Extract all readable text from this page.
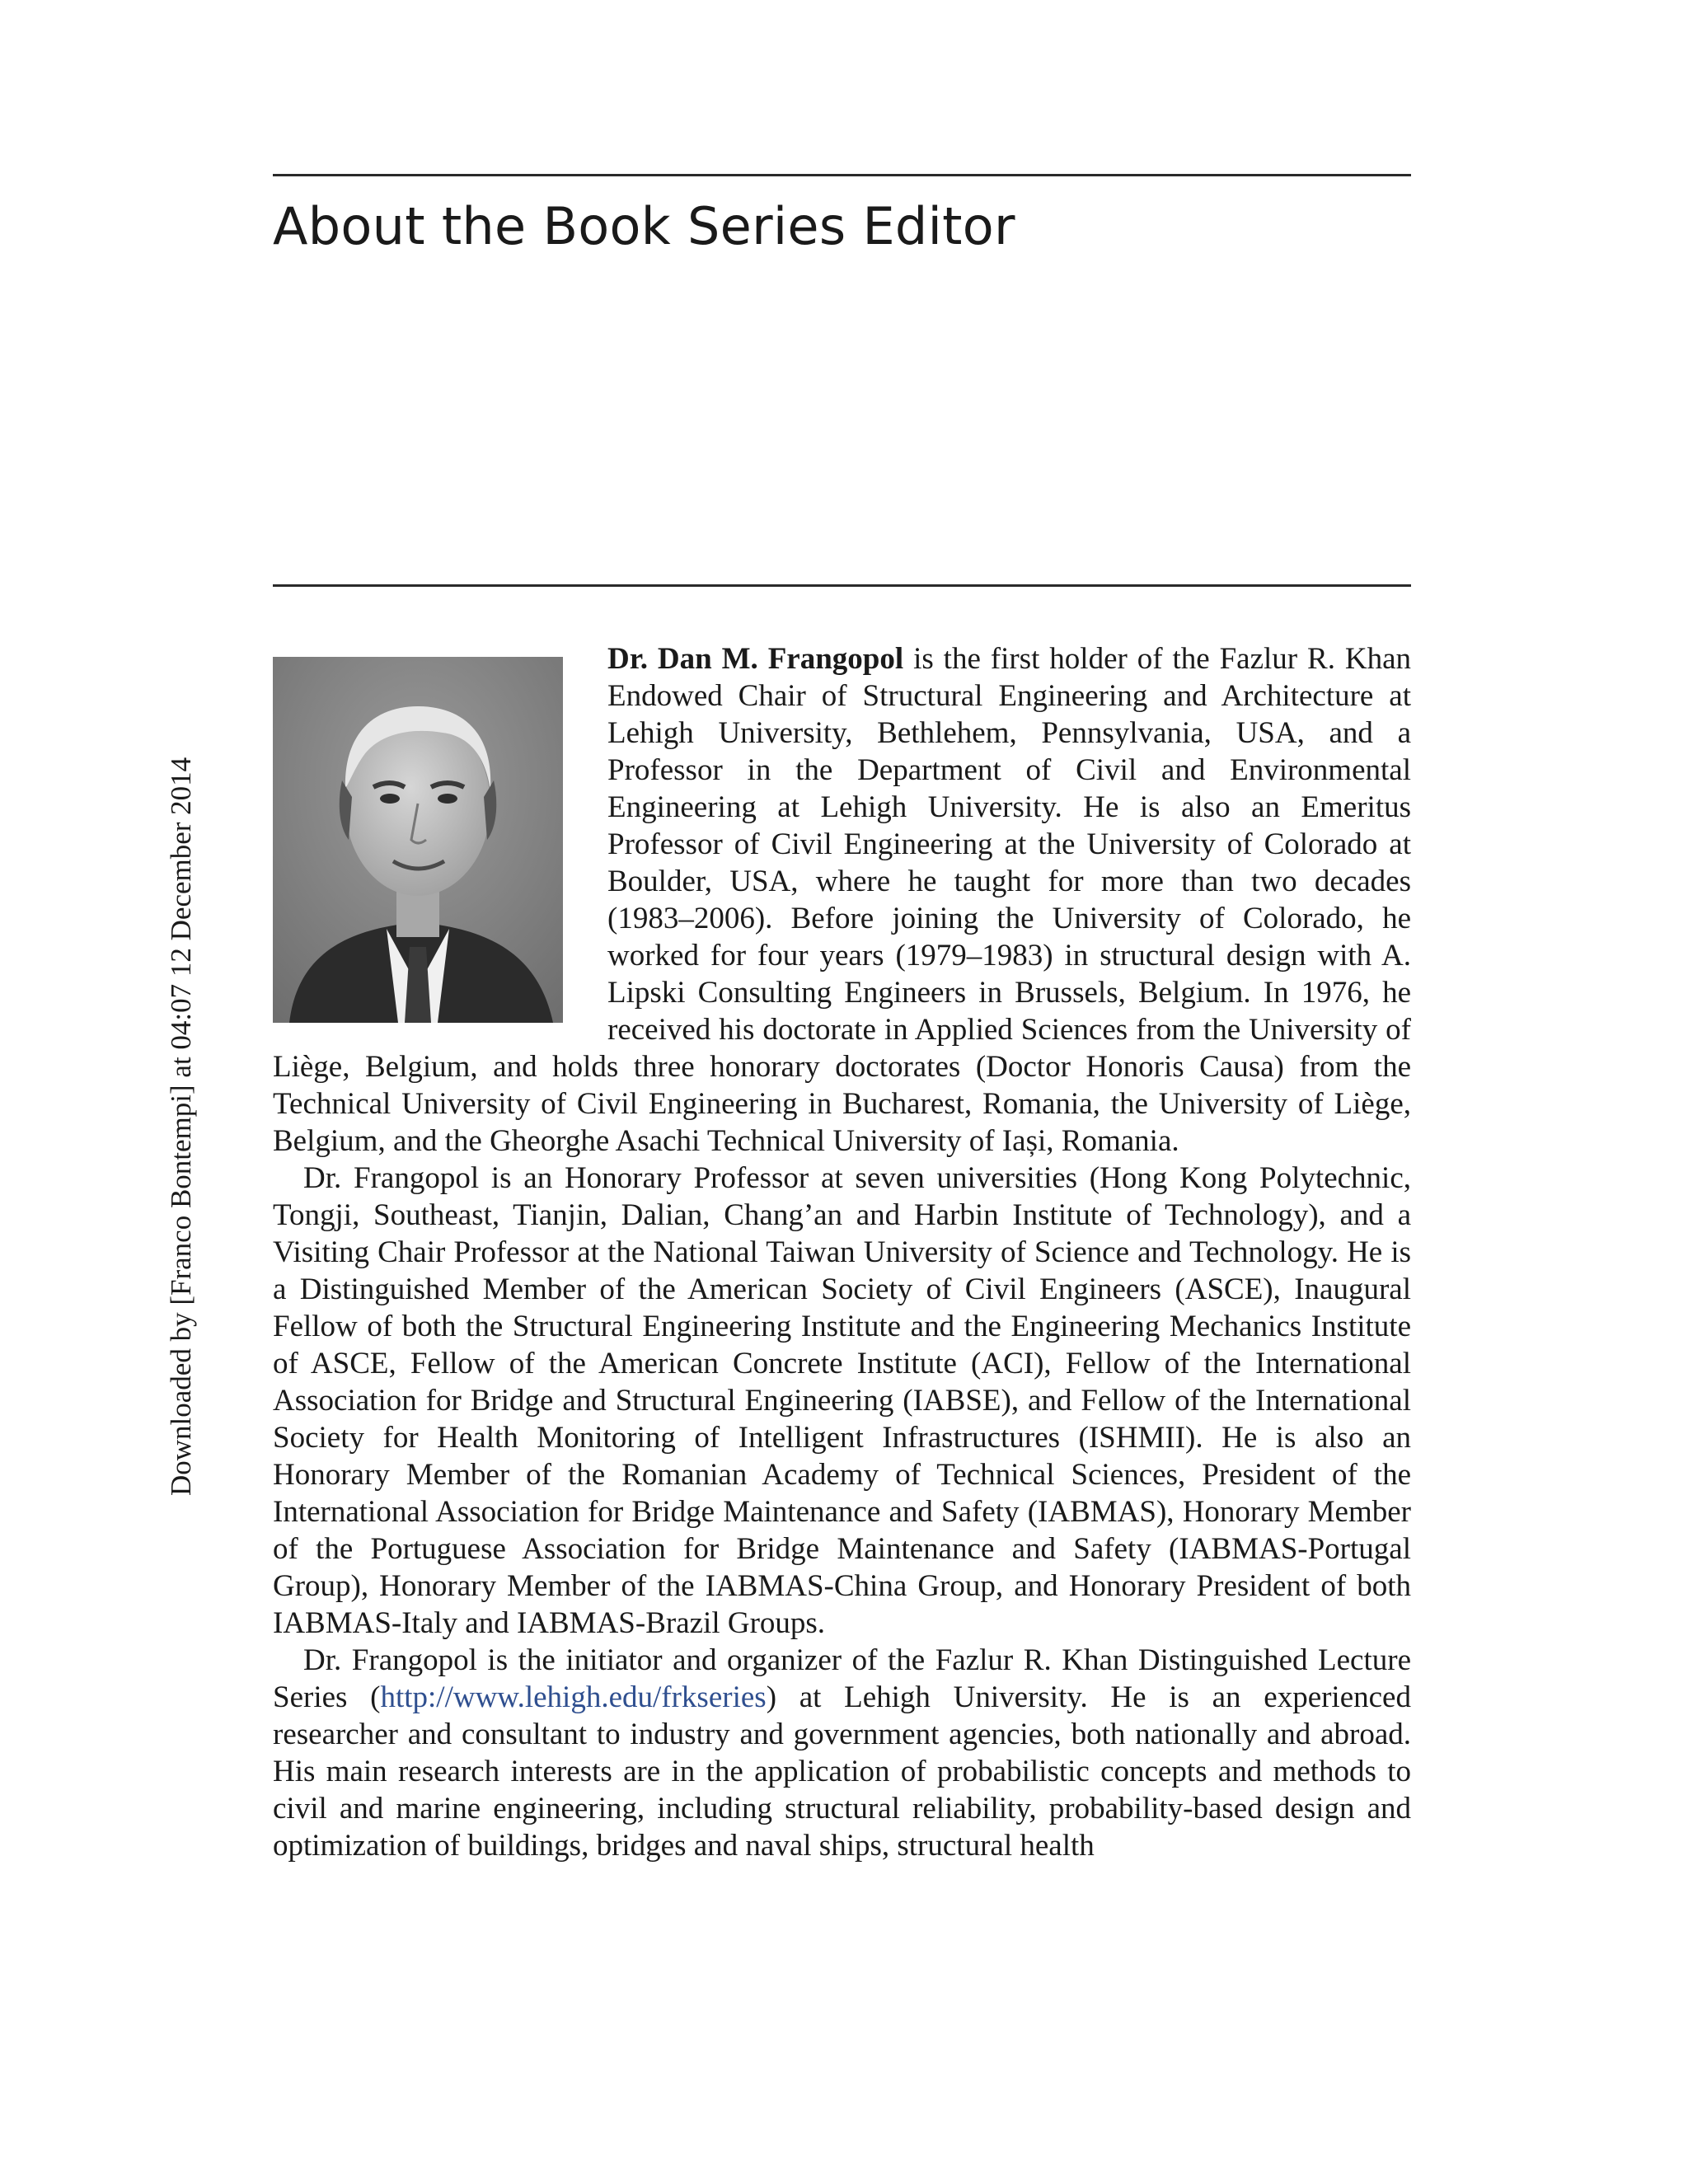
About the Book Series Editor
Downloaded by [Franco Bontempi] at 04:07 12 December 2014

Dr. Dan M. Frangopol is the first holder of the Fazlur R. Khan Endowed Chair of Structural Engineering and Architecture at Lehigh University, Bethlehem, Pennsylvania, USA, and a Professor in the Department of Civil and Environmental Engineering at Lehigh University. He is also an Emeritus Professor of Civil Engineering at the University of Colorado at Boulder, USA, where he taught for more than two decades (1983–2006). Before joining the University of Colorado, he worked for four years (1979–1983) in structural design with A. Lipski Consulting Engineers in Brussels, Belgium. In 1976, he received his doctorate in Applied Sciences from the University of Liège, Belgium, and holds three honorary doctorates (Doctor Honoris Causa) from the Technical University of Civil Engineering in Bucharest, Romania, the University of Liège, Belgium, and the Gheorghe Asachi Technical University of Iași, Romania.

Dr. Frangopol is an Honorary Professor at seven universities (Hong Kong Polytechnic, Tongji, Southeast, Tianjin, Dalian, Chang’an and Harbin Institute of Technology), and a Visiting Chair Professor at the National Taiwan University of Science and Technology. He is a Distinguished Member of the American Society of Civil Engineers (ASCE), Inaugural Fellow of both the Structural Engineering Institute and the Engineering Mechanics Institute of ASCE, Fellow of the American Concrete Institute (ACI), Fellow of the International Association for Bridge and Structural Engineering (IABSE), and Fellow of the International Society for Health Monitoring of Intelligent Infrastructures (ISHMII). He is also an Honorary Member of the Romanian Academy of Technical Sciences, President of the International Association for Bridge Maintenance and Safety (IABMAS), Honorary Member of the Portuguese Association for Bridge Maintenance and Safety (IABMAS-Portugal Group), Honorary Member of the IABMAS-China Group, and Honorary President of both IABMAS-Italy and IABMAS-Brazil Groups.

Dr. Frangopol is the initiator and organizer of the Fazlur R. Khan Distinguished Lecture Series (http://www.lehigh.edu/frkseries) at Lehigh University. He is an experienced researcher and consultant to industry and government agencies, both nationally and abroad. His main research interests are in the application of probabilistic concepts and methods to civil and marine engineering, including structural reliability, probability-based design and optimization of buildings, bridges and naval ships, structural health
